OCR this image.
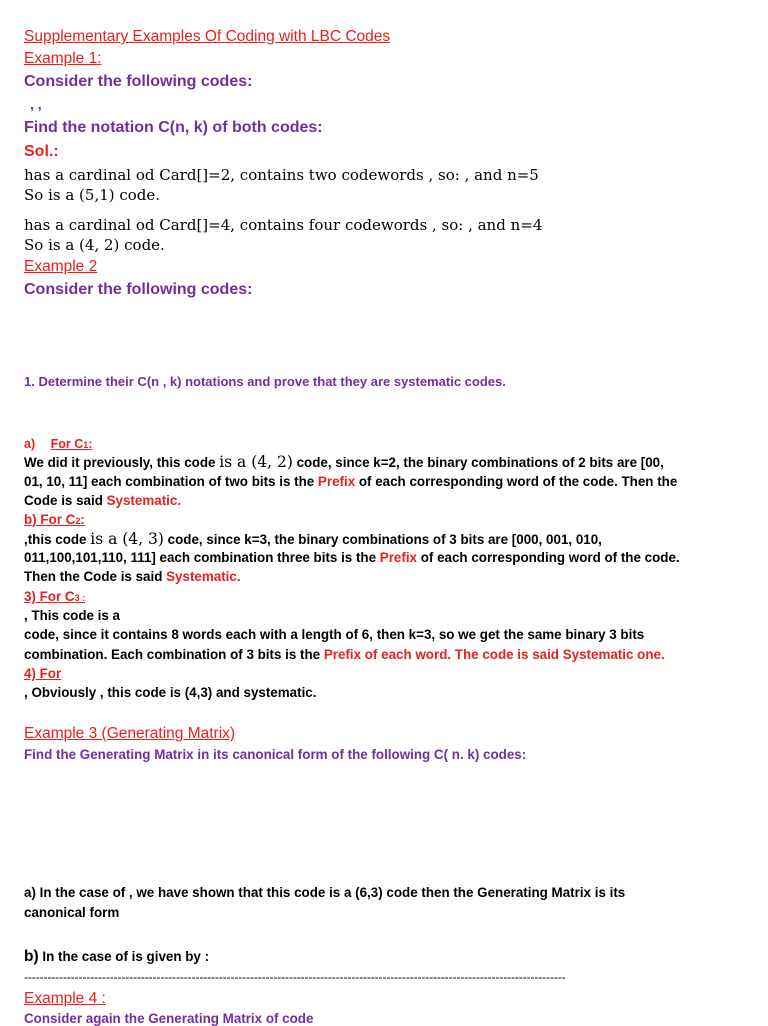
Supplementary Examples Of Coding with LBC Codes
Example 1:
Consider the following codes:
, ,
Find the notation C(n, k) of both codes:
Sol.:
has a cardinal od Card[]=2, contains two codewords , so: , and n=5
So is a (5,1) code.
has a cardinal od Card[]=4, contains four codewords , so: , and n=4
So is a (4, 2) code.
Example 2
Consider the following codes:
1. Determine their C(n , k) notations and prove that they are systematic codes.
a) For C1:
We did it previously, this code is a (4, 2) code, since k=2, the binary combinations of 2 bits are [00,
01, 10, 11] each combination of two bits is the Prefix of each corresponding word of the code. Then the
Code is said Systematic.
b) For C2:
,this code is a (4, 3) code, since k=3, the binary combinations of 3 bits are [000, 001, 010,
011,100,101,110, 111] each combination three bits is the Prefix of each corresponding word of the code.
Then the Code is said Systematic.
3) For C3 :
, This code is a
code, since it contains 8 words each with a length of 6, then k=3, so we get the same binary 3 bits
combination. Each combination of 3 bits is the Prefix of each word. The code is said Systematic one.
4) For
, Obviously , this code is (4,3) and systematic.
Example 3 (Generating Matrix)
Find the Generating Matrix in its canonical form of the following C( n. k) codes:
a) In the case of , we have shown that this code is a (6,3) code then the Generating Matrix is its
canonical form
b) In the case of is given by :
-------------------------------------------------------------------------------------------------------------------------------------------
Example 4 :
Consider again the Generating Matrix of code
